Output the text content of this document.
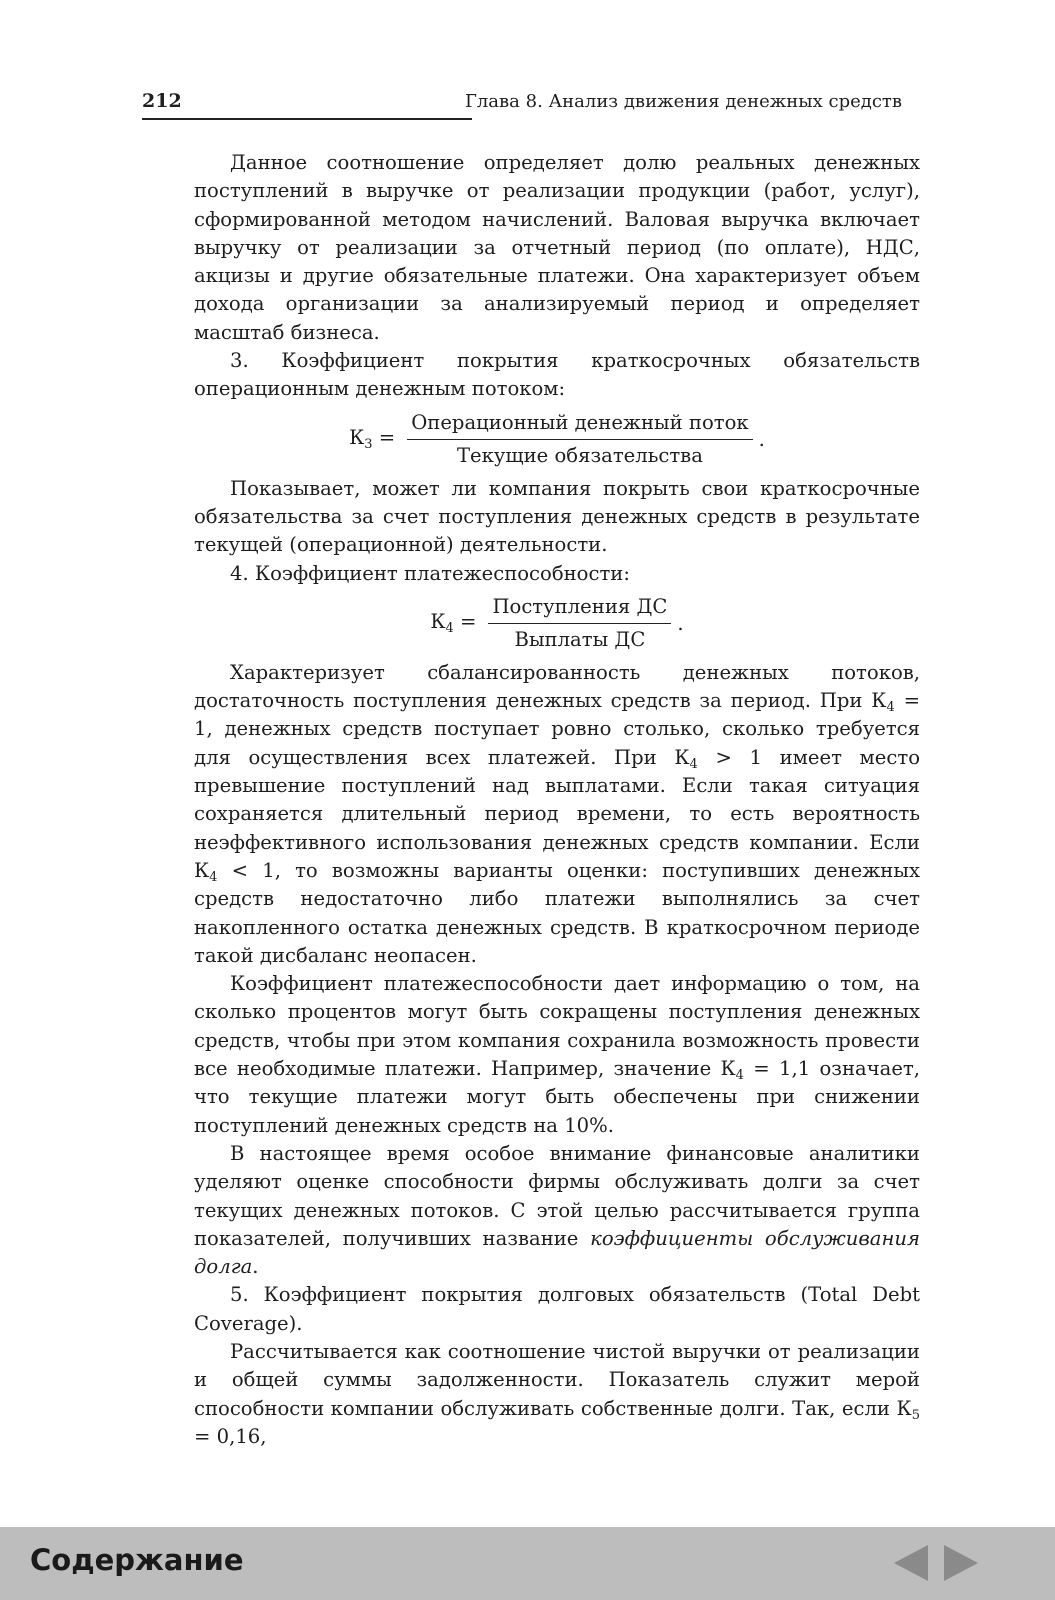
212	Глава 8. Анализ движения денежных средств

Данное соотношение определяет долю реальных денежных поступлений в выручке от реализации продукции (работ, услуг), сформированной методом начислений. Валовая выручка включает выручку от реализации за отчетный период (по оплате), НДС, акцизы и другие обязательные платежи. Она характеризует объем дохода организации за анализируемый период и определяет масштаб бизнеса.

3. Коэффициент покрытия краткосрочных обязательств операционным денежным потоком:

$К_3 = \frac{\text{Операционный денежный поток}}{\text{Текущие обязательства}}$ .

Показывает, может ли компания покрыть свои краткосрочные обязательства за счет поступления денежных средств в результате текущей (операционной) деятельности.

4. Коэффициент платежеспособности:

$К_4 = \frac{\text{Поступления ДС}}{\text{Выплаты ДС}}$ .

Характеризует сбалансированность денежных потоков, достаточность поступления денежных средств за период. При $К_4 = 1$, денежных средств поступает ровно столько, сколько требуется для осуществления всех платежей. При $К_4 > 1$ имеет место превышение поступлений над выплатами. Если такая ситуация сохраняется длительный период времени, то есть вероятность неэффективного использования денежных средств компании. Если $К_4 < 1$, то возможны варианты оценки: поступивших денежных средств недостаточно либо платежи выполнялись за счет накопленного остатка денежных средств. В краткосрочном периоде такой дисбаланс неопасен.

Коэффициент платежеспособности дает информацию о том, на сколько процентов могут быть сокращены поступления денежных средств, чтобы при этом компания сохранила возможность провести все необходимые платежи. Например, значение $К_4 = 1,1$ означает, что текущие платежи могут быть обеспечены при снижении поступлений денежных средств на 10%.

В настоящее время особое внимание финансовые аналитики уделяют оценке способности фирмы обслуживать долги за счет текущих денежных потоков. С этой целью рассчитывается группа показателей, получивших название коэффициенты обслуживания долга.

5. Коэффициент покрытия долговых обязательств (Total Debt Coverage).

Рассчитывается как соотношение чистой выручки от реализации и общей суммы задолженности. Показатель служит мерой способности компании обслуживать собственные долги. Так, если $К_5 = 0,16$,

Содержание
